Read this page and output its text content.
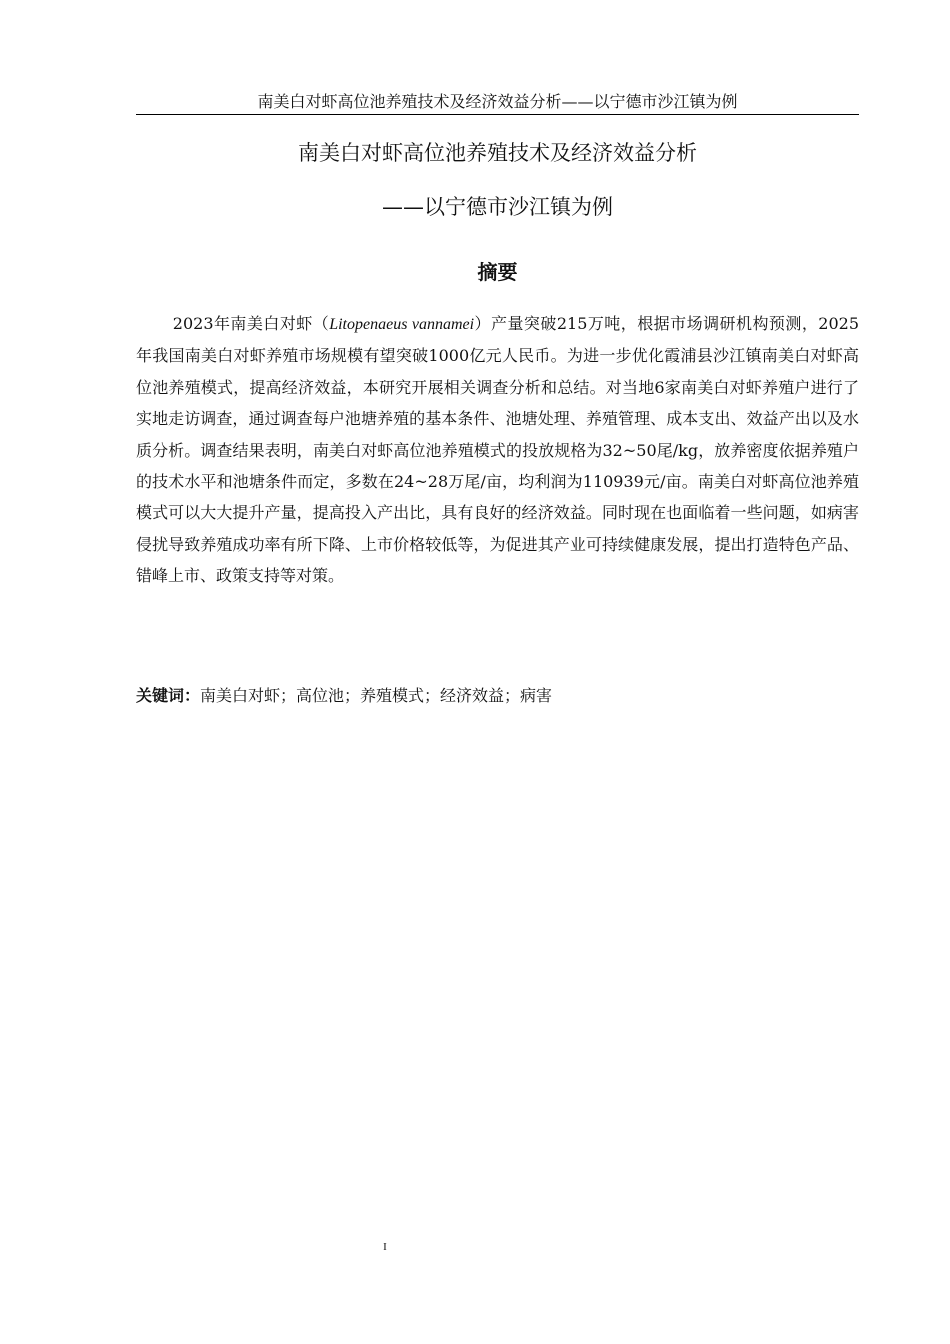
南美白对虾高位池养殖技术及经济效益分析——以宁德市沙江镇为例
南美白对虾高位池养殖技术及经济效益分析
——以宁德市沙江镇为例
摘要

2023年南美白对虾（Litopenaeus vannamei）产量突破215万吨，根据市场调研机构预测，2025年我国南美白对虾养殖市场规模有望突破1000亿元人民币。为进一步优化霞浦县沙江镇南美白对虾高位池养殖模式，提高经济效益，本研究开展相关调查分析和总结。对当地6家南美白对虾养殖户进行了实地走访调查，通过调查每户池塘养殖的基本条件、池塘处理、养殖管理、成本支出、效益产出以及水质分析。调查结果表明，南美白对虾高位池养殖模式的投放规格为32~50尾/kg，放养密度依据养殖户的技术水平和池塘条件而定，多数在24~28万尾/亩，均利润为110939元/亩。南美白对虾高位池养殖模式可以大大提升产量，提高投入产出比，具有良好的经济效益。同时现在也面临着一些问题，如病害侵扰导致养殖成功率有所下降、上市价格较低等，为促进其产业可持续健康发展，提出打造特色产品、错峰上市、政策支持等对策。

关键词：南美白对虾；高位池；养殖模式；经济效益；病害
I
